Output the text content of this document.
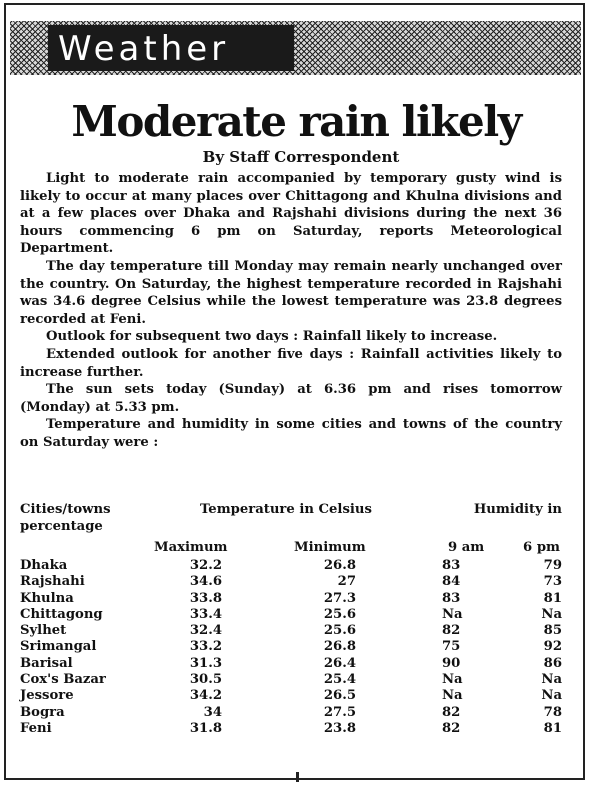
Weather
Moderate rain likely
By Staff Correspondent

Light to moderate rain accompanied by temporary gusty wind is likely to occur at many places over Chittagong and Khulna divisions and at a few places over Dhaka and Rajshahi divisions during the next 36 hours commencing 6 pm on Saturday, reports Meteorological Department.

The day temperature till Monday may remain nearly unchanged over the country. On Saturday, the highest temperature recorded in Rajshahi was 34.6 degree Celsius while the lowest temperature was 23.8 degrees recorded at Feni.

Outlook for subsequent two days : Rainfall likely to increase.

Extended outlook for another five days : Rainfall activities likely to increase further.

The sun sets today (Sunday) at 6.36 pm and rises tomorrow (Monday) at 5.33 pm.

Temperature and humidity in some cities and towns of the country on Saturday were :

Cities/towns	Temperature in Celsius	Humidity in
percentage
Maximum	Minimum	9 am	6 pm
Dhaka	32.2	26.8	83	79
Rajshahi	34.6	27	84	73
Khulna	33.8	27.3	83	81
Chittagong	33.4	25.6	Na	Na
Sylhet	32.4	25.6	82	85
Srimangal	33.2	26.8	75	92
Barisal	31.3	26.4	90	86
Cox's Bazar	30.5	25.4	Na	Na
Jessore	34.2	26.5	Na	Na
Bogra	34	27.5	82	78
Feni	31.8	23.8	82	81
